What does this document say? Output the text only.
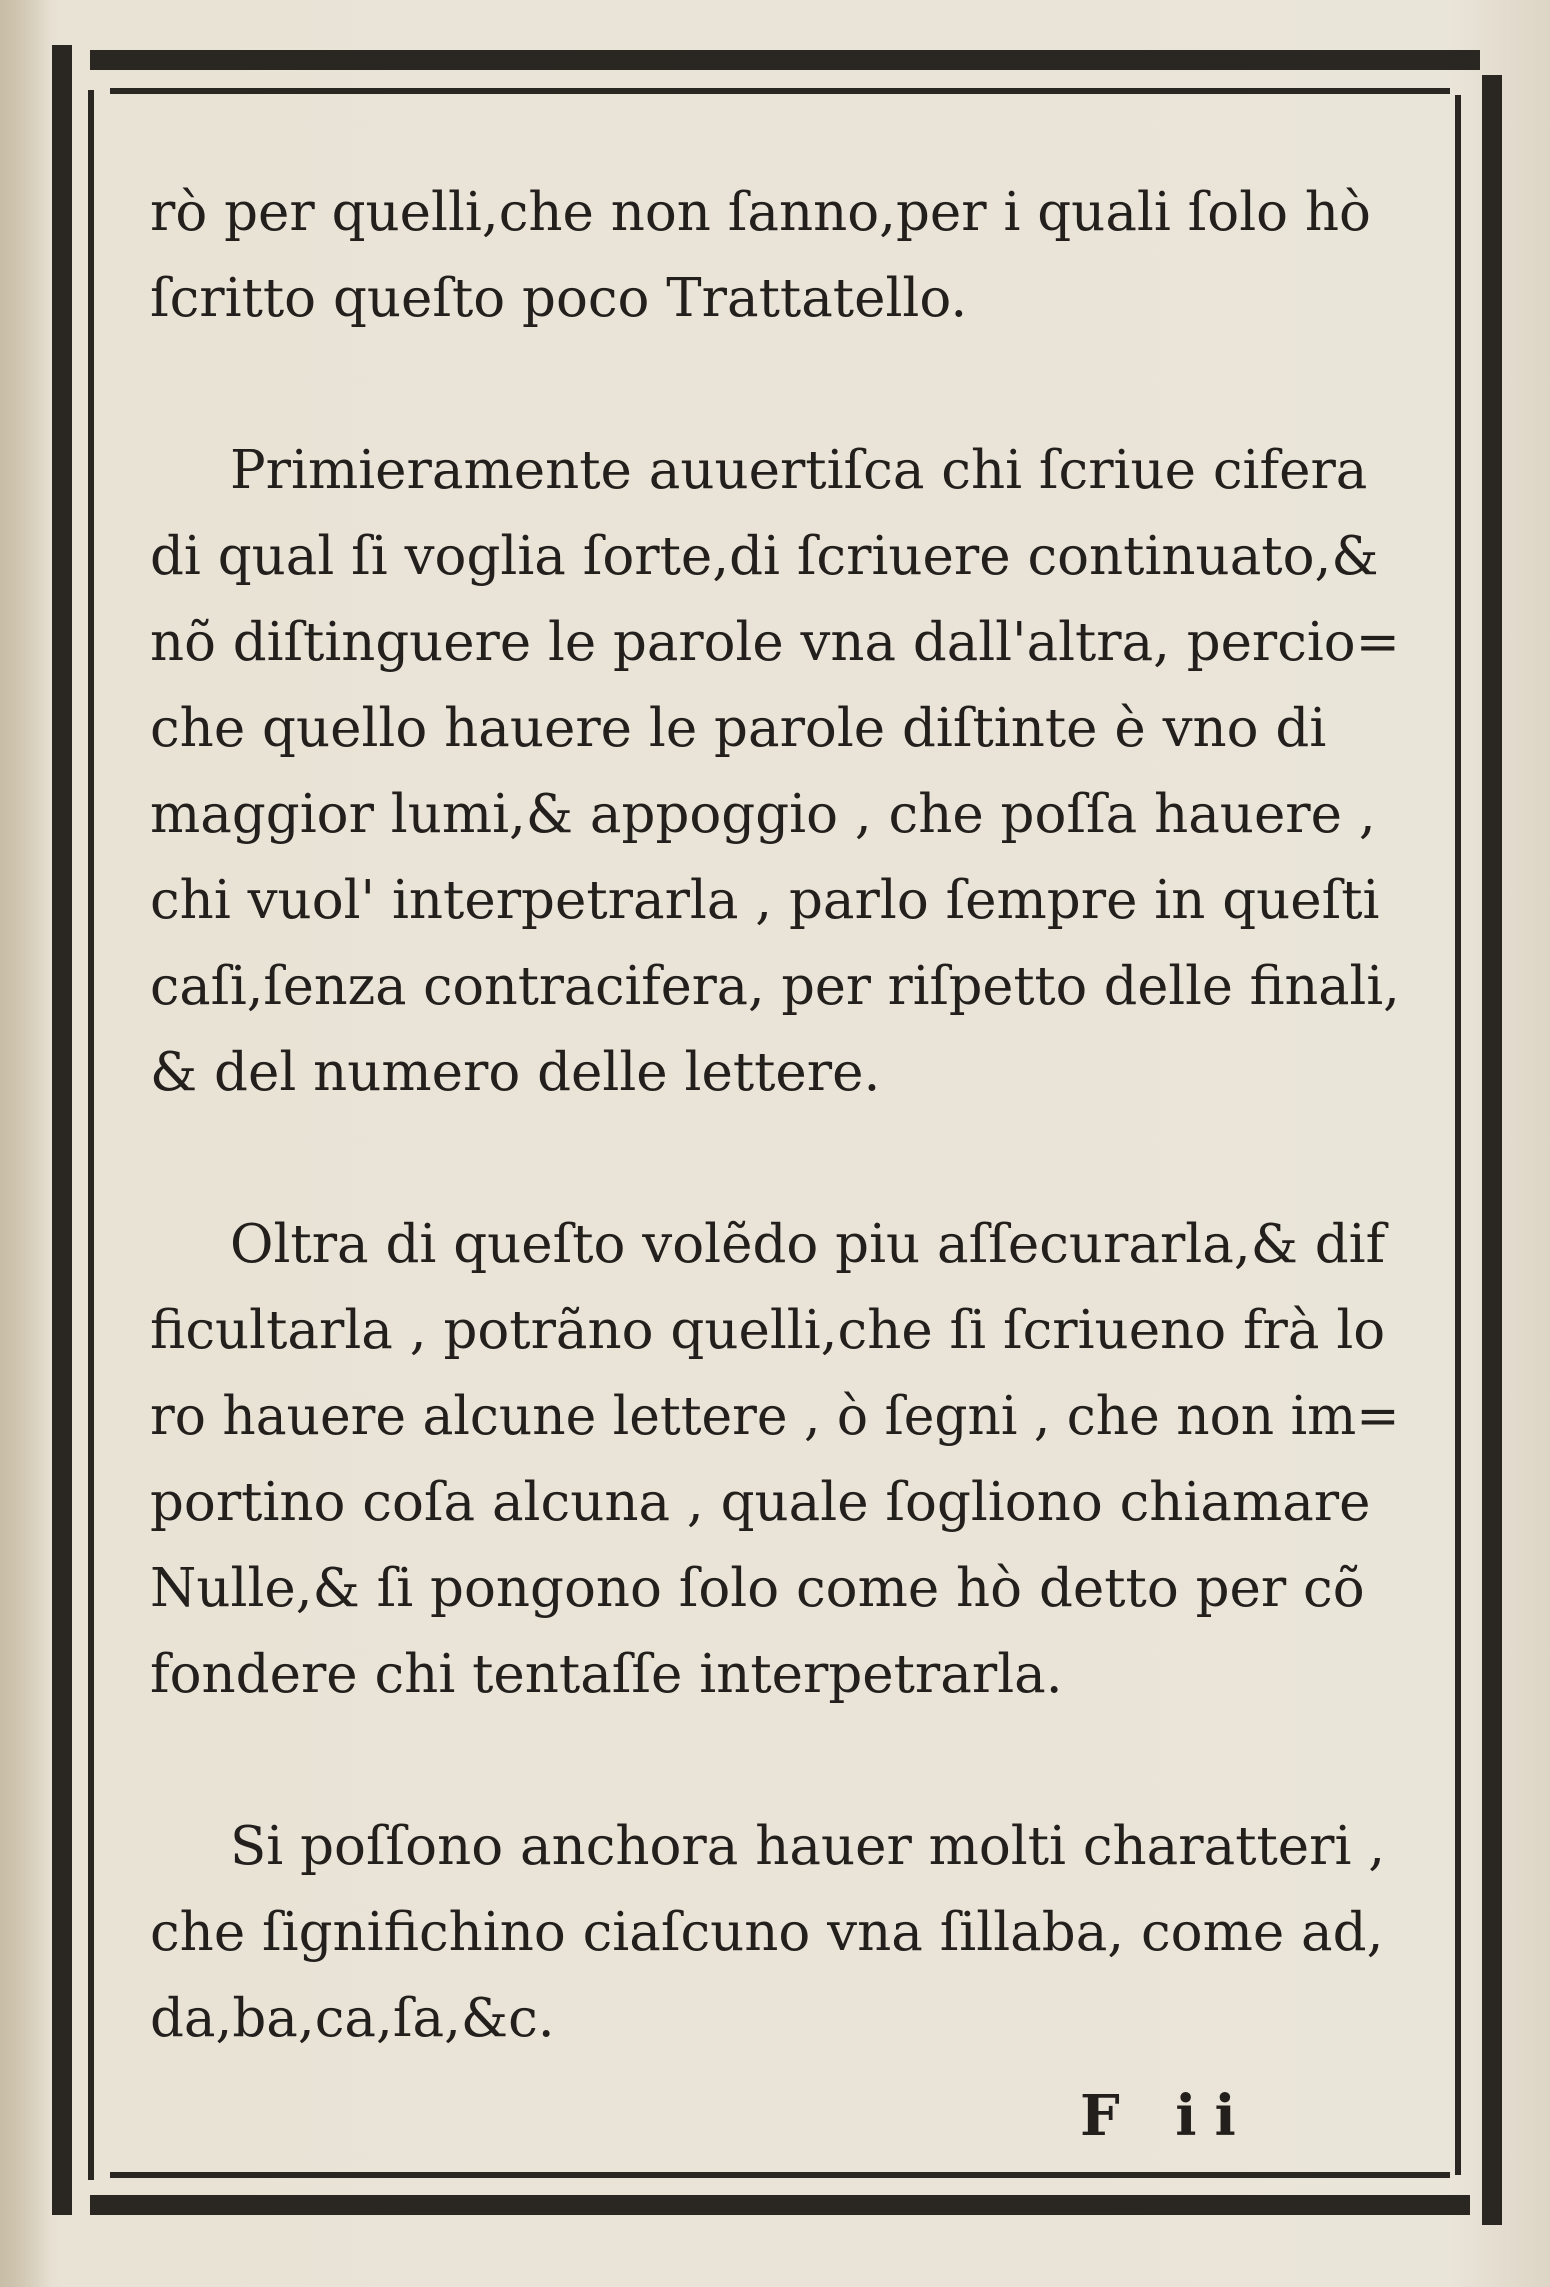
rò per quelli,che non ſanno,per i quali ſolo hò
ſcritto queſto poco Trattatello.
Primieramente auuertiſca chi ſcriue cifera
di qual ſi voglia ſorte,di ſcriuere continuato,&
nõ diſtinguere le parole vna dall'altra, percio=
che quello hauere le parole diſtinte è vno di
maggior lumi,& appoggio , che poſſa hauere ,
chi vuol' interpetrarla , parlo ſempre in queſti
caſi,ſenza contracifera, per riſpetto delle finali,
& del numero delle lettere.
Oltra di queſto volẽdo piu aſſecurarla,& dif
ficultarla , potrãno quelli,che ſi ſcriueno frà lo
ro hauere alcune lettere , ò ſegni , che non im=
portino coſa alcuna , quale ſogliono chiamare
Nulle,& ſi pongono ſolo come hò detto per cõ
fondere chi tentaſſe interpetrarla.
Si poſſono anchora hauer molti charatteri ,
che ſignifichino ciaſcuno vna ſillaba, come ad,
da,ba,ca,ſa,&c.
F ii
